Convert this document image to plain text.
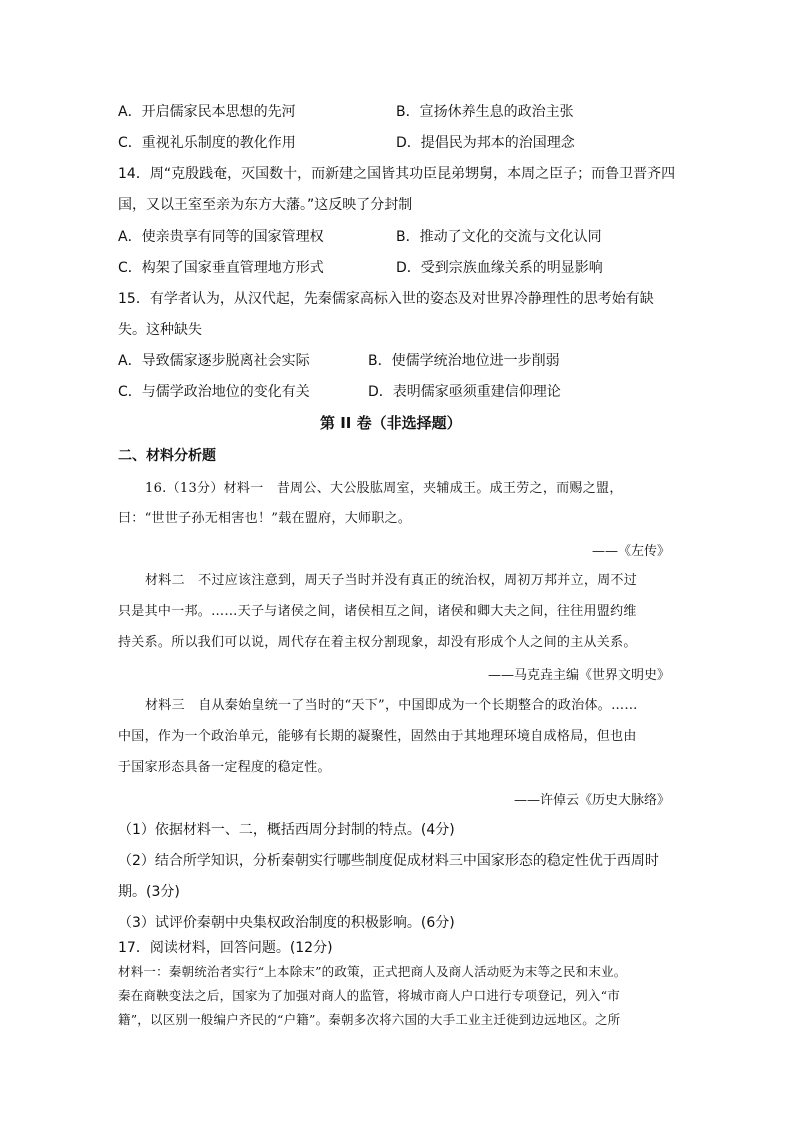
A．开启儒家民本思想的先河	B．宣扬休养生息的政治主张
C．重视礼乐制度的教化作用	D．提倡民为邦本的治国理念
14．周“克殷践奄，灭国数十，而新建之国皆其功臣昆弟甥舅，本周之臣子；而鲁卫晋齐四
国，又以王室至亲为东方大藩。”这反映了分封制
A．使亲贵享有同等的国家管理权	B．推动了文化的交流与文化认同
C．构架了国家垂直管理地方形式	D．受到宗族血缘关系的明显影响
15．有学者认为，从汉代起，先秦儒家高标入世的姿态及对世界冷静理性的思考始有缺
失。这种缺失
A．导致儒家逐步脱离社会实际	B．使儒学统治地位进一步削弱
C．与儒学政治地位的变化有关	D．表明儒家亟须重建信仰理论
第 II 卷（非选择题）
二、材料分析题
16.（13分）材料一　昔周公、大公股肱周室，夹辅成王。成王劳之，而赐之盟，
曰：“世世子孙无相害也！”载在盟府，大师职之。
——《左传》
材料二　不过应该注意到，周天子当时并没有真正的统治权，周初万邦并立，周不过
只是其中一邦。……天子与诸侯之间，诸侯相互之间，诸侯和卿大夫之间，往往用盟约维
持关系。所以我们可以说，周代存在着主权分割现象，却没有形成个人之间的主从关系。
——马克垚主编《世界文明史》
材料三　自从秦始皇统一了当时的“天下”，中国即成为一个长期整合的政治体。……
中国，作为一个政治单元，能够有长期的凝聚性，固然由于其地理环境自成格局，但也由
于国家形态具备一定程度的稳定性。
——许倬云《历史大脉络》
（1）依据材料一、二，概括西周分封制的特点。(4分)
（2）结合所学知识，分析秦朝实行哪些制度促成材料三中国家形态的稳定性优于西周时
期。(3分)
（3）试评价秦朝中央集权政治制度的积极影响。(6分)
17．阅读材料，回答问题。(12分)
材料一：秦朝统治者实行“上本除末”的政策，正式把商人及商人活动贬为末等之民和末业。
秦在商鞅变法之后，国家为了加强对商人的监管，将城市商人户口进行专项登记，列入“市
籍”，以区别一般编户齐民的“户籍”。秦朝多次将六国的大手工业主迁徙到边远地区。之所
